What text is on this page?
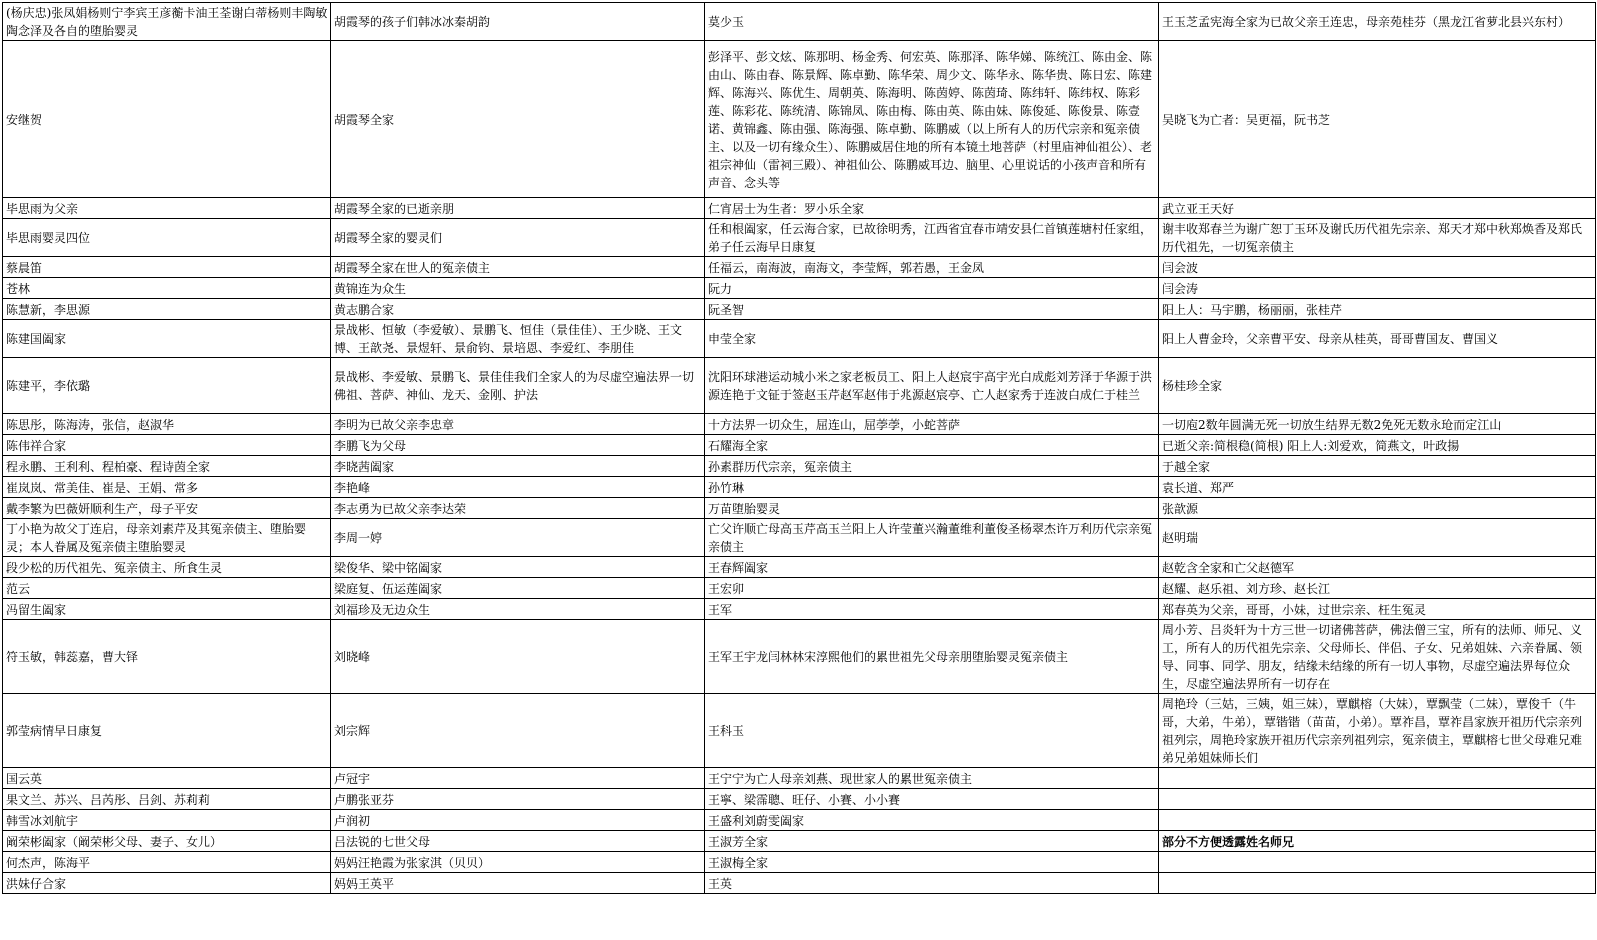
(杨庆忠)张凤娟杨则宁李宾王彦蘅卡油王荃谢白蒂杨则丰陶敏陶念泽及各自的堕胎婴灵	胡霞琴的孩子们韩冰冰秦胡韵	莫少玉	王玉芝孟宪海全家为已故父亲王连忠，母亲苑桂芬（黑龙江省萝北县兴东村）
安继贺	胡霞琴全家	彭泽平、彭文炫、陈那明、杨金秀、何宏英、陈那泽、陈华娣、陈统江、陈由金、陈由山、陈由春、陈景辉、陈卓勤、陈华荣、周少文、陈华永、陈华贵、陈日宏、陈建辉、陈海兴、陈优生、周朝英、陈海明、陈茵婷、陈茵琦、陈纬轩、陈纬权、陈彩莲、陈彩花、陈统清、陈锦凤、陈由梅、陈由英、陈由妹、陈俊延、陈俊景、陈壹诺、黄锦鑫、陈由强、陈海强、陈卓勤、陈鹏威（以上所有人的历代宗亲和冤亲债主、以及一切有缘众生）、陈鹏威居住地的所有本镜土地菩萨（村里庙神仙祖公）、老祖宗神仙（雷祠三殿）、神祖仙公、陈鹏威耳边、脑里、心里说话的小孩声音和所有声音、念头等	吴晓飞为亡者：吴更福，阮书芝
毕思雨为父亲	胡霞琴全家的已逝亲朋	仁宵居士为生者：罗小乐全家	武立亚王天好
毕思雨婴灵四位	胡霞琴全家的婴灵们	任和根阖家，任云海合家，已故徐明秀，江西省宜春市靖安县仁首镇莲塘村任家组，弟子任云海早日康复	谢丰收郑春兰为谢广恕丁玉环及谢氏历代祖先宗亲、郑天才郑中秋郑焕香及郑氏历代祖先，一切冤亲债主
蔡晨笛	胡霞琴全家在世人的冤亲债主	任福云，南海波，南海文，李莹辉，郭若愚，王金凤	闫会波
苍林	黄锦连为众生	阮力	闫会涛
陈慧新，李思源	黄志鹏合家	阮圣智	阳上人：马宇鹏，杨丽丽，张桂芹
陈建国阖家	景战彬、恒敏（李爱敏）、景鹏飞、恒佳（景佳佳）、王少晓、王文博、王歆尧、景煜轩、景俞钧、景培恩、李爱红、李朋佳	申莹全家	阳上人曹金玲，父亲曹平安、母亲从桂英，哥哥曹国友、曹国义
陈建平，李依璐	景战彬、李爱敏、景鹏飞、景佳佳我们全家人的为尽虚空遍法界一切佛祖、菩萨、神仙、龙天、金刚、护法	沈阳环球港运动城小米之家老板员工、阳上人赵宸宇高宇光白成彪刘芳泽于华源于洪源连艳于文钲于签赵玉芹赵军赵伟于兆源赵宸亭、亡人赵家秀于连波白成仁于桂兰	杨桂珍全家
陈思彤，陈海涛，张信，赵淑华	李明为已故父亲李忠章	十方法界一切众生，屈连山，屈荸荸，小蛇菩萨	一切庖2数年圆满无死一切放生结界无数2免死无数永玱而定江山
陈伟祥合家	李鹏飞为父母	石耀海全家	已逝父亲:简根稳(简根) 阳上人:刘爱欢，简燕文，叶政揚
程永鹏、王利利、程柏豪、程诗茵全家	李晓茜阖家	孙素群历代宗亲，冤亲债主	于越全家
崔岚岚、常美佳、崔是、王娟、常多	李艳峰	孙竹琳	袁长道、郑严
戴李繁为巴薇妍顺利生产，母子平安	李志勇为已故父亲李达荣	万苗堕胎婴灵	张歆源
丁小艳为故父丁连启，母亲刘素芹及其冤亲债主、堕胎婴灵；本人眷属及冤亲债主堕胎婴灵	李周一婷	亡父许顺亡母高玉芹高玉兰阳上人许莹董兴瀚董维利董俊圣杨翠杰许万利历代宗亲冤亲债主	赵明瑞
段少松的历代祖先、冤亲债主、所食生灵	梁俊华、梁中铭阖家	王春辉阖家	赵乾含全家和亡父赵德军
范云	梁庭复、伍运莲阖家	王宏卯	赵耀、赵乐祖、刘方珍、赵长江
冯留生阖家	刘福珍及无边众生	王军	郑春英为父亲，哥哥，小妹，过世宗亲、枉生冤灵
符玉敏，韩蕊嘉，曹大铎	刘晓峰	王军王宇龙闫林林宋淳熙他们的累世祖先父母亲朋堕胎婴灵冤亲债主	周小芳、吕炎轩为十方三世一切诸佛菩萨，佛法僧三宝，所有的法师、师兄、义工，所有人的历代祖先宗亲、父母师长、伴侣、子女、兄弟姐妹、六亲眷属、领导、同事、同学、朋友，结缘未结缘的所有一切人事物，尽虚空遍法界每位众生，尽虚空遍法界所有一切存在
郭莹病情早日康复	刘宗辉	王科玉	周艳玲（三姑，三姨，姐三妹），覃麒榕（大妹），覃飘莹（二妹），覃俊千（牛哥，大弟，牛弟），覃锴锴（苗苗，小弟）。覃祚昌，覃祚昌家族开祖历代宗亲列祖列宗，周艳玲家族开祖历代宗亲列祖列宗，冤亲债主，覃麒榕七世父母难兄难弟兄弟姐妹师长们
国云英	卢冠宇	王宁宁为亡人母亲刘燕、现世家人的累世冤亲债主	
果文兰、苏兴、吕芮彤、吕剑、苏莉莉	卢鹏张亚芬	王寧、梁霈聰、旺仔、小賽、小小賽	
韩雪冰刘航宇	卢润初	王盛利刘蔚雯阖家	
阚荣彬阖家（阚荣彬父母、妻子、女儿）	吕法锐的七世父母	王淑芳全家	部分不方便透露姓名师兄
何杰声，陈海平	妈妈汪艳霞为张家淇（贝贝）	王淑梅全家	
洪妹仔合家	妈妈王英平	王英	
